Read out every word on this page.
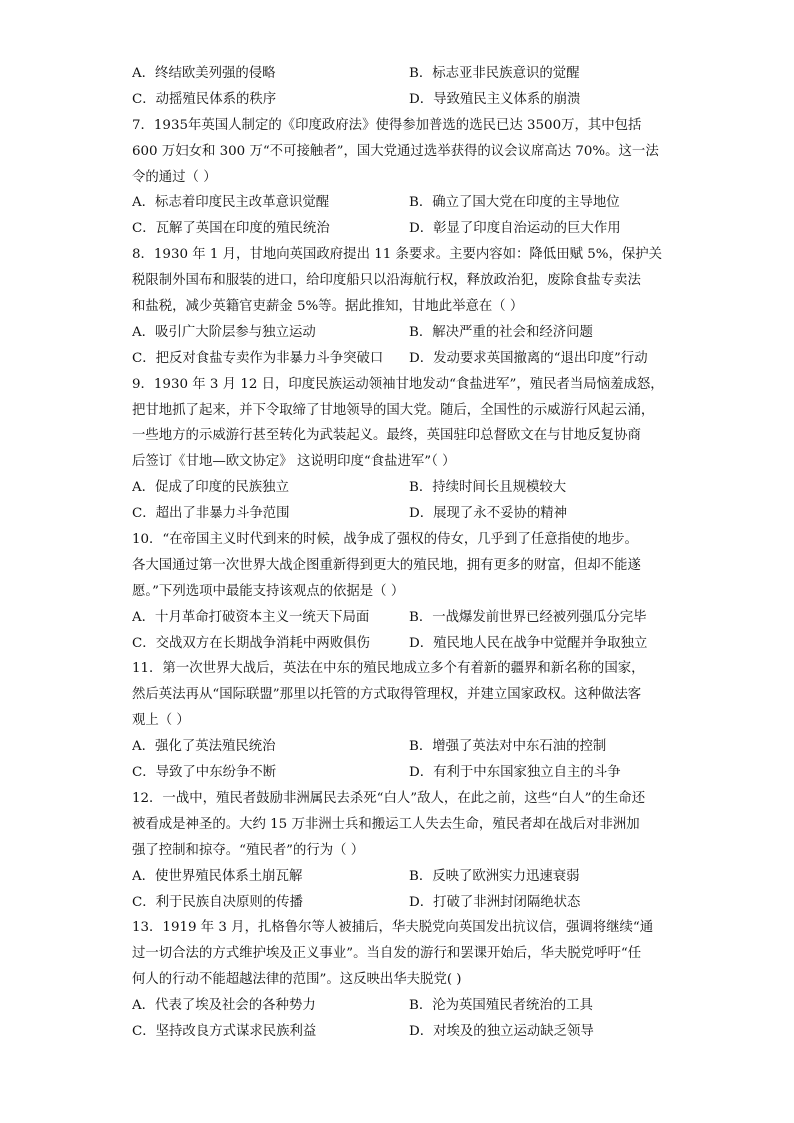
A．终结欧美列强的侵略	B．标志亚非民族意识的觉醒
C．动摇殖民体系的秩序	D．导致殖民主义体系的崩溃
7．1935年英国人制定的《印度政府法》使得参加普选的选民已达 3500万，其中包括
600 万妇女和 300 万“不可接触者”，国大党通过选举获得的议会议席高达 70%。这一法
令的通过（ ）
A．标志着印度民主改革意识觉醒	B．确立了国大党在印度的主导地位
C．瓦解了英国在印度的殖民统治	D．彰显了印度自治运动的巨大作用
8．1930 年 1 月，甘地向英国政府提出 11 条要求。主要内容如：降低田赋 5%，保护关
税限制外国布和服装的进口，给印度船只以沿海航行权，释放政治犯，废除食盐专卖法
和盐税，减少英籍官吏薪金 5%等。据此推知，甘地此举意在（ ）
A．吸引广大阶层参与独立运动	B．解决严重的社会和经济问题
C．把反对食盐专卖作为非暴力斗争突破口	D．发动要求英国撤离的“退出印度”行动
9．1930 年 3 月 12 日，印度民族运动领袖甘地发动“食盐进军”，殖民者当局恼羞成怒，
把甘地抓了起来，并下令取缔了甘地领导的国大党。随后，全国性的示威游行风起云涌，
一些地方的示威游行甚至转化为武装起义。最终，英国驻印总督欧文在与甘地反复协商
后签订《甘地—欧文协定》 这说明印度“食盐进军”（ ）
A．促成了印度的民族独立	B．持续时间长且规模较大
C．超出了非暴力斗争范围	D．展现了永不妥协的精神
10．“在帝国主义时代到来的时候，战争成了强权的侍女，几乎到了任意指使的地步。
各大国通过第一次世界大战企图重新得到更大的殖民地，拥有更多的财富，但却不能遂
愿。”下列选项中最能支持该观点的依据是（ ）
A．十月革命打破资本主义一统天下局面	B．一战爆发前世界已经被列强瓜分完毕
C．交战双方在长期战争消耗中两败俱伤	D．殖民地人民在战争中觉醒并争取独立
11．第一次世界大战后，英法在中东的殖民地成立多个有着新的疆界和新名称的国家，
然后英法再从“国际联盟”那里以托管的方式取得管理权，并建立国家政权。这种做法客
观上（ ）
A．强化了英法殖民统治	B．增强了英法对中东石油的控制
C．导致了中东纷争不断	D．有利于中东国家独立自主的斗争
12．一战中，殖民者鼓励非洲属民去杀死“白人”敌人，在此之前，这些“白人”的生命还
被看成是神圣的。大约 15 万非洲士兵和搬运工人失去生命，殖民者却在战后对非洲加
强了控制和掠夺。“殖民者”的行为（ ）
A．使世界殖民体系土崩瓦解	B．反映了欧洲实力迅速衰弱
C．利于民族自决原则的传播	D．打破了非洲封闭隔绝状态
13．1919 年 3 月，扎格鲁尔等人被捕后，华夫脱党向英国发出抗议信，强调将继续“通
过一切合法的方式维护埃及正义事业”。当自发的游行和罢课开始后，华夫脱党呼吁“任
何人的行动不能超越法律的范围”。这反映出华夫脱党( )
A．代表了埃及社会的各种势力	B．沦为英国殖民者统治的工具
C．坚持改良方式谋求民族利益	D．对埃及的独立运动缺乏领导
